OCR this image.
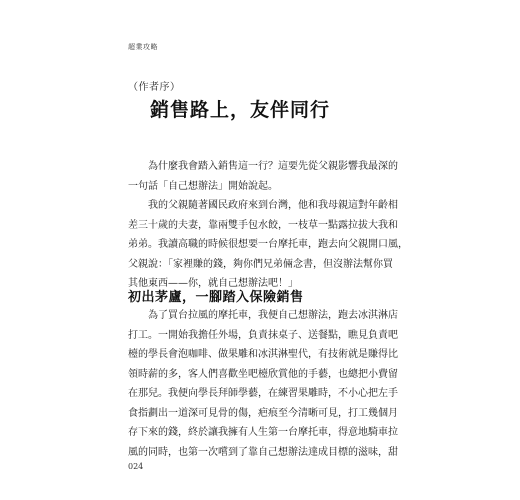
超業攻略
（作者序）
銷售路上，友伴同行
　　為什麼我會踏入銷售這一行？這要先從父親影響我最深的
一句話「自己想辦法」開始說起。
　　我的父親隨著國民政府來到台灣，他和我母親這對年齡相
差三十歲的夫妻，靠兩雙手包水餃，一枝草一點露拉拔大我和
弟弟。我讀高職的時候很想要一台摩托車，跑去向父親開口風，
父親說：「家裡賺的錢，夠你們兄弟倆念書，但沒辦法幫你買
其他東西——你，就自己想辦法吧！」
初出茅廬，一腳踏入保險銷售
　　為了買台拉風的摩托車，我便自己想辦法，跑去冰淇淋店
打工。一開始我擔任外場，負責抹桌子、送餐點，瞧見負責吧
檯的學長會泡咖啡、做果雕和冰淇淋聖代，有技術就是賺得比
領時薪的多，客人們喜歡坐吧檯欣賞他的手藝，也總把小費留
在那兒。我便向學長拜師學藝，在練習果雕時，不小心把左手
食指劃出一道深可見骨的傷，疤痕至今清晰可見，打工幾個月
存下來的錢，終於讓我擁有人生第一台摩托車，得意地騎車拉
風的同時，也第一次嚐到了靠自己想辦法達成目標的滋味，甜
024
